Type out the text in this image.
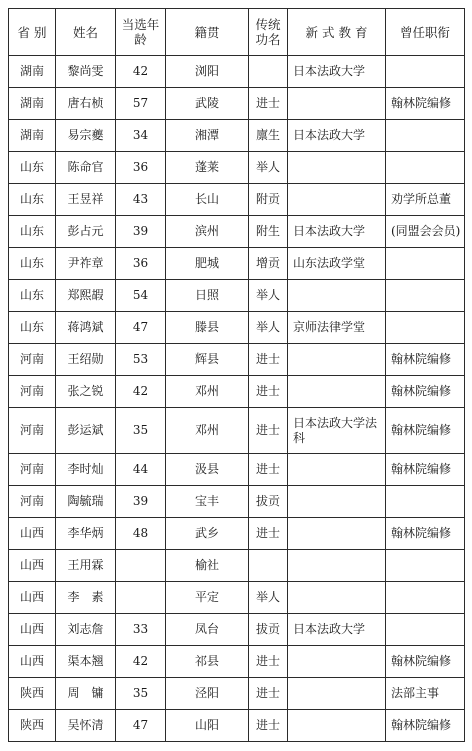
省 别	姓名	当选年龄	籍贯	传统功名	新 式 教 育	曾任职衔
湖南	黎尚雯	42	浏阳		日本法政大学	
湖南	唐右桢	57	武陵	进士		翰林院编修
湖南	易宗夔	34	湘潭	廪生	日本法政大学	
山东	陈命官	36	蓬莱	举人		
山东	王昱祥	43	长山	附贡		劝学所总董
山东	彭占元	39	滨州	附生	日本法政大学	(同盟会会员)
山东	尹祚章	36	肥城	增贡	山东法政学堂	
山东	郑熙嘏	54	日照	举人		
山东	蒋鸿斌	47	滕县	举人	京师法律学堂	
河南	王绍勋	53	辉县	进士		翰林院编修
河南	张之锐	42	邓州	进士		翰林院编修
河南	彭运斌	35	邓州	进士	日本法政大学法科	翰林院编修
河南	李时灿	44	汲县	进士		翰林院编修
河南	陶毓瑞	39	宝丰	拔贡		
山西	李华炳	48	武乡	进士		翰林院编修
山西	王用霖		榆社			
山西	李　素		平定	举人		
山西	刘志詹	33	凤台	拔贡	日本法政大学	
山西	渠本翘	42	祁县	进士		翰林院编修
陕西	周　镛	35	泾阳	进士		法部主事
陕西	吴怀清	47	山阳	进士		翰林院编修
